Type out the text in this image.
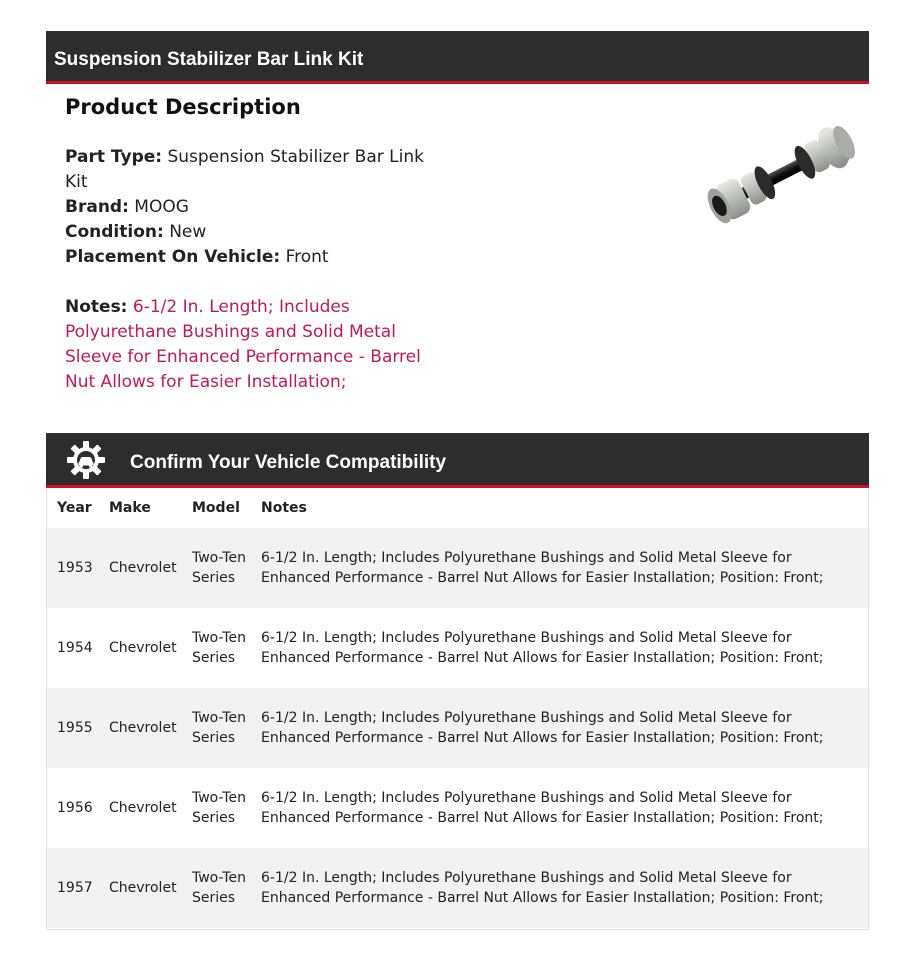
Suspension Stabilizer Bar Link Kit
Product Description
Part Type: Suspension Stabilizer Bar Link Kit
Brand: MOOG
Condition: New
Placement On Vehicle: Front
Notes: 6-1/2 In. Length; Includes Polyurethane Bushings and Solid Metal Sleeve for Enhanced Performance - Barrel Nut Allows for Easier Installation;
Confirm Your Vehicle Compatibility
Year	Make	Model	Notes
1953	Chevrolet	Two-Ten Series	6-1/2 In. Length; Includes Polyurethane Bushings and Solid Metal Sleeve for Enhanced Performance - Barrel Nut Allows for Easier Installation; Position: Front;
1954	Chevrolet	Two-Ten Series	6-1/2 In. Length; Includes Polyurethane Bushings and Solid Metal Sleeve for Enhanced Performance - Barrel Nut Allows for Easier Installation; Position: Front;
1955	Chevrolet	Two-Ten Series	6-1/2 In. Length; Includes Polyurethane Bushings and Solid Metal Sleeve for Enhanced Performance - Barrel Nut Allows for Easier Installation; Position: Front;
1956	Chevrolet	Two-Ten Series	6-1/2 In. Length; Includes Polyurethane Bushings and Solid Metal Sleeve for Enhanced Performance - Barrel Nut Allows for Easier Installation; Position: Front;
1957	Chevrolet	Two-Ten Series	6-1/2 In. Length; Includes Polyurethane Bushings and Solid Metal Sleeve for Enhanced Performance - Barrel Nut Allows for Easier Installation; Position: Front;
